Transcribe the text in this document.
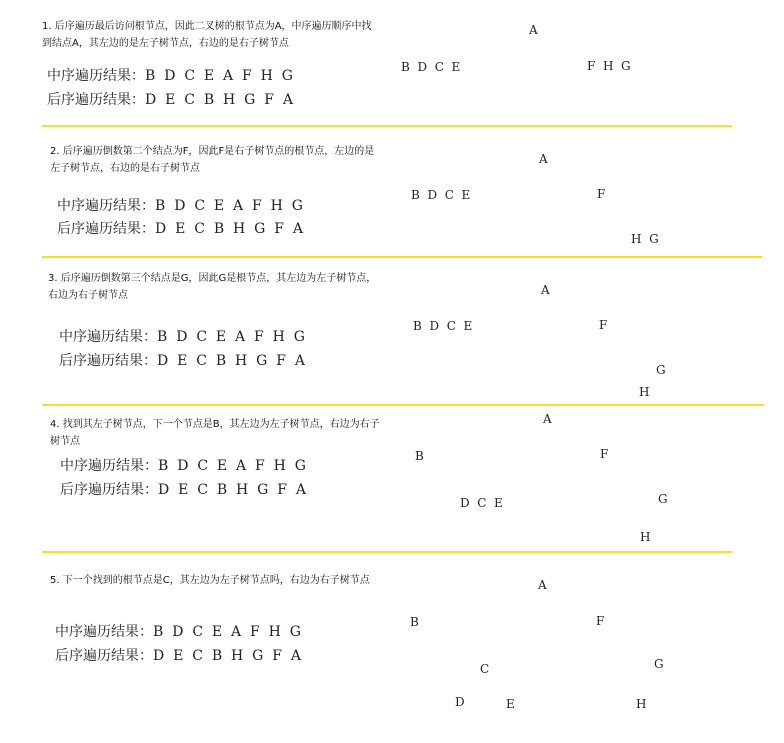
1. 后序遍历最后访问根节点，因此二叉树的根节点为A，中序遍历顺序中找到结点A，其左边的是左子树节点，右边的是右子树节点
中序遍历结果：B  D  C  E  A  F  H  G
后序遍历结果：D  E  C  B  H  G  F  A
A
B  D  C  E	F  H  G
2. 后序遍历倒数第二个结点为F，因此F是右子树节点的根节点，左边的是左子树节点，右边的是右子树节点
中序遍历结果：B  D  C  E  A  F  H  G
后序遍历结果：D  E  C  B  H  G  F  A
A
B  D  C  E	F
H  G
3. 后序遍历倒数第三个结点是G，因此G是根节点，其左边为左子树节点，右边为右子树节点
中序遍历结果：B  D  C  E  A  F  H  G
后序遍历结果：D  E  C  B  H  G  F  A
A
B  D  C  E	F
G
H
4. 找到其左子树节点，下一个节点是B，其左边为左子树节点，右边为右子树节点
中序遍历结果：B  D  C  E  A  F  H  G
后序遍历结果：D  E  C  B  H  G  F  A
A
B	F
D  C  E	G
H
5. 下一个找到的根节点是C，其左边为左子树节点吗，右边为右子树节点
中序遍历结果：B  D  C  E  A  F  H  G
后序遍历结果：D  E  C  B  H  G  F  A
A
B	F
C	G
D	E	H
